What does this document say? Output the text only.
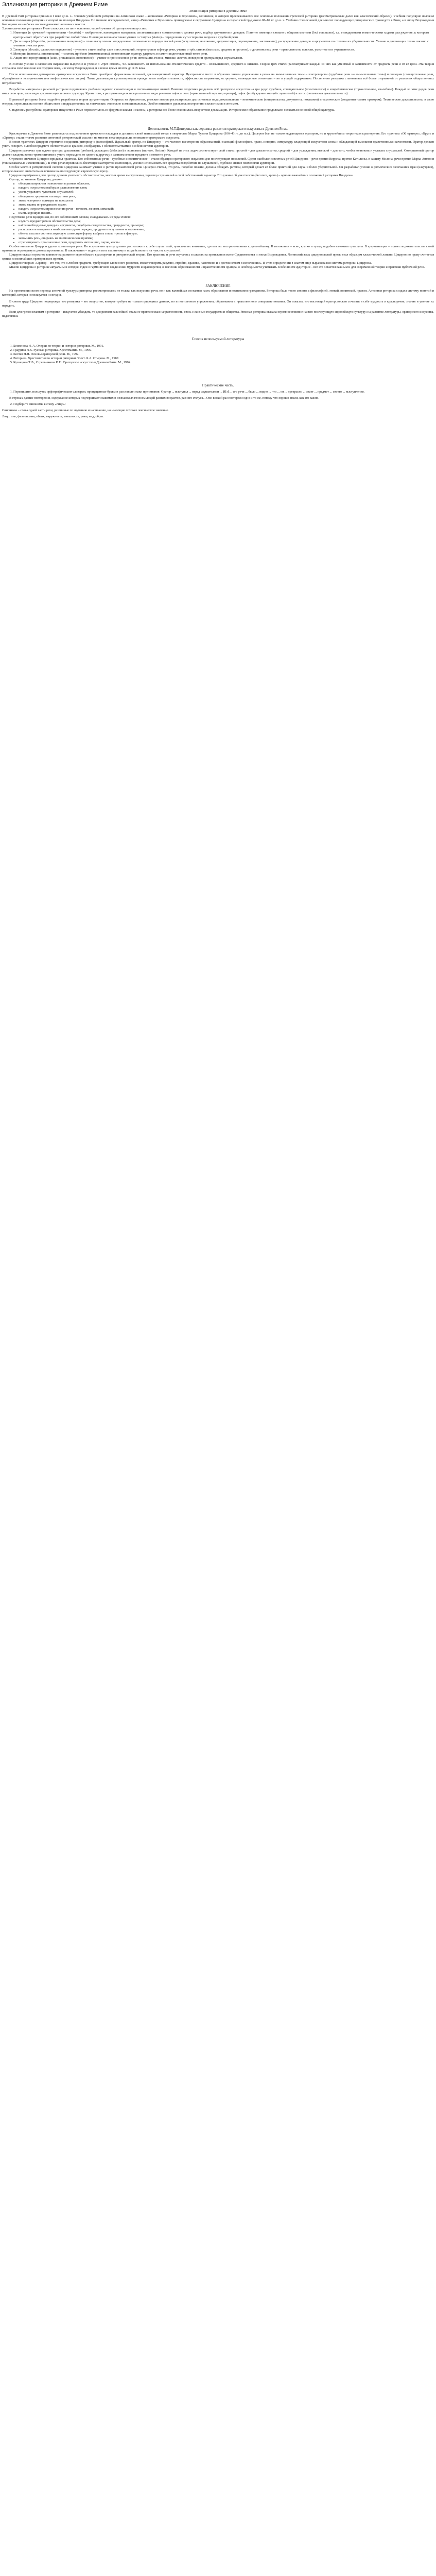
Эллинизация риторики в Древнем Риме
Эллинизация риторики в Древнем Риме

В Древний Рим риторика пришла в I веке до н. э.. Ученым учебником риторики на латинском языке – анонимная «Риторика к Гереннию», сочинение, в котором прослеживаются все основные положения греческой риторики (рассматриваемые далее как классический образец). Учебник популярно изложил основные положения риторики с опорой на позиции Цицерона. По мнению исследователей, автор «Риторики к Гереннию» принадлежал к окружению Цицерона и создал свой труд около 86–82 гг. до н. э. Учебник стал основой для многих последующих риторических руководств в Риме, а в эпоху Возрождения был одним из наиболее часто издаваемых античных текстов.

Эллинистическая риторика в Риме сложилась из пяти основных частей учения об ораторском искусстве:

1. Инвенция (в греческой терминологии – heurēsis) – изобретение, нахождение материала: систематизация в соответствии с целями речи, подбор аргументов и доводов. Понятие инвенции связано с общими местами (loci communes), т.е. стандартными тематическими ходами рассуждения, к которым оратор может обратиться при разработке любой темы. Инвенция включала также учение о статусах (status) – определении сути спорного вопроса в судебной речи.
2. Диспозиция (dispositio, расположение материала) – план выступления: определение оптимального порядка частей речи (вступление, изложение, аргументация, опровержение, заключение), распределение доводов и аргументов по степени их убедительности. Учение о диспозиции тесно связано с учением о частях речи.
3. Элокуция (elocutio, словесное выражение) – учение о стиле: выбор слов и их сочетаний, теория тропов и фигур речи, учение о трёх стилях (высоком, среднем и простом), о достоинствах речи – правильности, ясности, уместности и украшенности.
4. Меморио (memoria, запоминание) – система приёмов (мнемотехника), позволяющих оратору удержать в памяти подготовленный текст речи.
5. Акцио или пронунциация (actio, pronuntiatio, исполнение) – учение о произнесении речи: интонации, голосе, мимике, жестах, поведении оратора перед слушателями.

В составе учения о словесном выражении выделено и учение о «трёх стилях», т.е. зависимость от использования стилистических средств – возвышенного, среднего и низкого. Теория трёх стилей рассматривает каждый из них как уместный в зависимости от предмета речи и от её цели. Эта теория сохраняла своё значение и в Средние века, и в эпоху Возрождения, и в новое время вплоть до XIX века.

После исчезновения демократии ораторское искусство в Риме приобрело формально-школьный, декламационный характер. Центральное место в обучении заняли упражнения в речах на вымышленные темы – контроверсии (судебные речи на вымышленные темы) и свазории (совещательные речи, обращённые к историческим или мифологическим лицам). Такие декламации культивировали прежде всего изобретательность, эффектность выражения, остроумие, неожиданные сентенции – но в ущерб содержанию. Постепенно риторика становилась всё более оторванной от реальных общественных потребностей.

Разработка материала в римской риторике подчинялась учебным задачам: схематизации и систематизации знаний. Римские теоретики разделили всё ораторское искусство на три рода: судебное, совещательное (политическое) и эпидейктическое (торжественное, хвалебное). Каждый из этих родов речи имел свои цели, свои виды аргументации и свою структуру. Кроме того, в риторике выделялись различные виды речевого пафоса: этос (нравственный характер оратора), пафос (возбуждение эмоций слушателей) и логос (логическая доказательность).

В римской риторике была подробно разработана теория аргументации. Опираясь на Аристотеля, римские авторы рассматривали два основных вида доказательств – нетехнические (свидетельства, документы, показания) и технические (созданные самим оратором). Технические доказательства, в свою очередь, строились на основе общих мест и подразделялись на логические, этические и эмоциональные. Особое внимание уделялось построению силлогизмов и энтимем.

С падением республики ораторское искусство в Риме переместилось из форума в школы и салоны, а риторика всё более становилась искусством декламации. Риторическое образование продолжало оставаться основой общей культуры.

Деятельность М.Т.Цицерона как вершина развития ораторского искусства в Древнем Риме.

Красноречие в Древнем Риме развивалось под влиянием греческого наследия и достигло своей наивысшей точки в творчестве Марка Туллия Цицерона (106–43 гг. до н.э.). Цицерон был не только выдающимся оратором, но и крупнейшим теоретиком красноречия. Его трактаты «Об ораторе», «Брут» и «Оратор» стали итогом развития античной риторической мысли и на многие века определили понимание ораторского искусства.

В своих трактатах Цицерон стремился соединить риторику с философией. Идеальный оратор, по Цицерону, – это человек всесторонне образованный, знающий философию, право, историю, литературу, владеющий искусством слова и обладающий высокими нравственными качествами. Оратор должен уметь говорить о любом предмете обстоятельно и красиво, сообразуясь с обстоятельствами и особенностями аудитории.

Цицерон различал три задачи оратора: доказывать (probare), услаждать (delectare) и волновать (movere, flectere). Каждой из этих задач соответствует свой стиль: простой – для доказательства, средний – для услаждения, высокий – для того, чтобы волновать и увлекать слушателей. Совершенный оратор должен владеть всеми тремя стилями и уметь переходить от одного к другому в зависимости от предмета и момента речи.

Огромное значение Цицерон придавал практике. Его собственные речи – судебные и политические – стали образцом ораторского искусства для последующих поколений. Среди наиболее известных речей Цицерона – речи против Верреса, против Катилины, в защиту Милона, речи против Марка Антония (так называемые «Филиппики»). В этих речах проявились блестящее мастерство композиции, умение использовать все средства воздействия на слушателей, глубокое знание психологии аудитории.

Особое место в риторической системе Цицерона занимает учение о ритме прозаической речи. Цицерон считал, что речь, подобно поэзии, должна обладать ритмом, который делает её более приятной для слуха и более убедительной. Он разработал учение о ритмических окончаниях фраз (клаузулах), которое оказало значительное влияние на последующую европейскую прозу.

Цицерон подчёркивал, что оратор должен учитывать обстоятельства, место и время выступления, характер слушателей и свой собственный характер. Это учение об уместности (decorum, aptum) – одно из важнейших положений риторики Цицерона.

Оратор, по мнению Цицерона, должен:

• обладать широкими познаниями в разных областях;
• владеть искусством выбора и расположения слов;
• уметь управлять чувствами слушателей;
• обладать остроумием и изяществом речи;
• знать историю и примеры из прошлого;
• знать законы и гражданское право;
• владеть искусством произнесения речи – голосом, жестом, мимикой;
• иметь хорошую память.

Подготовка речи Цицероном, по его собственным словам, складывалась из ряда этапов:

• изучить предмет речи и обстоятельства дела;
• найти необходимые доводы и аргументы, подобрать свидетельства, прецеденты, примеры;
• расположить материал в наиболее выгодном порядке, продумать вступление и заключение;
• облечь мысли в соответствующую словесную форму, выбрать стиль, тропы и фигуры;
• запомнить речь, опираясь на мнемонические приёмы;
• отрепетировать произнесение речи, продумать интонацию, паузы, жесты.

Особое внимание Цицерон уделял композиции речи. Во вступлении оратор должен расположить к себе слушателей, привлечь их внимание, сделать их восприимчивыми к дальнейшему. В изложении – ясно, кратко и правдоподобно изложить суть дела. В аргументации – привести доказательства своей правоты и опровергнуть доводы противника. В заключении – подвести итог сказанному и воздействовать на чувства слушателей.

Цицерон оказал огромное влияние на развитие европейского красноречия и риторической теории. Его трактаты и речи изучались в школах на протяжении всего Средневековья и эпохи Возрождения. Латинский язык цицероновской прозы стал образцом классической латыни. Цицерон по праву считается одним из величайших ораторов всех времён.

Цицерон говорил: «Оратор – это тот, кто о любом предмете, требующем словесного развития, может говорить разумно, стройно, красиво, памятливо и с достоинством в исполнении». В этом определении в сжатом виде выражена вся система риторики Цицерона.

Мысли Цицерона о риторике актуальны и сегодня. Идеи о гармоничном соединении мудрости и красноречия, о значении образованности и нравственности оратора, о необходимости учитывать особенности аудитории – всё это остаётся важным и для современной теории и практики публичной речи.

ЗАКЛЮЧЕНИЕ

На протяжении всего периода античной культуры риторика рассматривалась не только как искусство речи, но и как важнейшая составная часть образования и воспитания гражданина. Риторика была тесно связана с философией, этикой, политикой, правом. Античная риторика создала систему понятий и категорий, которая используется и сегодня.

В своем труде Цицерон подчеркнул, что риторика – это искусство, которое требует не только природных данных, но и постоянного упражнения, образования и нравственного совершенствования. Он показал, что настоящий оратор должен сочетать в себе мудрость и красноречие, знания и умение их передать.

Если для греков главным в риторике – искусство убеждать, то для римлян важнейшей стала ее практическая направленность, связь с жизнью государства и общества. Римская риторика оказала огромное влияние на всю последующую европейскую культуру: на развитие литературы, ораторского искусства, педагогики.

Список используемой литературы
1. Безменова Н. А. Очерки по теории и истории риторики. М., 1991.
2. Граудина Л.К. Русская риторика. Хрестоматия. М., 1996.
3. Кохтев Н.Н. Основы ораторской речи. М., 1992.
4. Риторика. Хрестоматия по истории риторики / Сост. Б.А. Стырова. М., 1987.
5. Кузнецова Т.Ф., Стрельникова И.П. Ораторское искусство в Древнем Риме. М., 1976.
Практические часть.
1. Перепишите, пользуясь орфографическим словарем, пропущенные буквы и расставьте знаки препинания: Оратор ... выступал ... перед слушателями ... И[з] ... его речи ... было ... видно ... что ... он ... прекрасно ... знает ... предмет ... своего ... выступления.

В строках давние повторения, содержание которых подчеркивает знакомых и незнакомых голосом людей разных возрастов, разного статуса... Они всякий раз повторяли одно и то же, потому что хорошо знали, как это важно.

2. Подберите синонимы к слову «лицо»:

Синонимы – слова одной части речи, различные по звучанию и написанию, но имеющие похожее лексическое значение.

Лицо: лик, физиономия, облик, наружность, внешность, рожа, вид, образ.
